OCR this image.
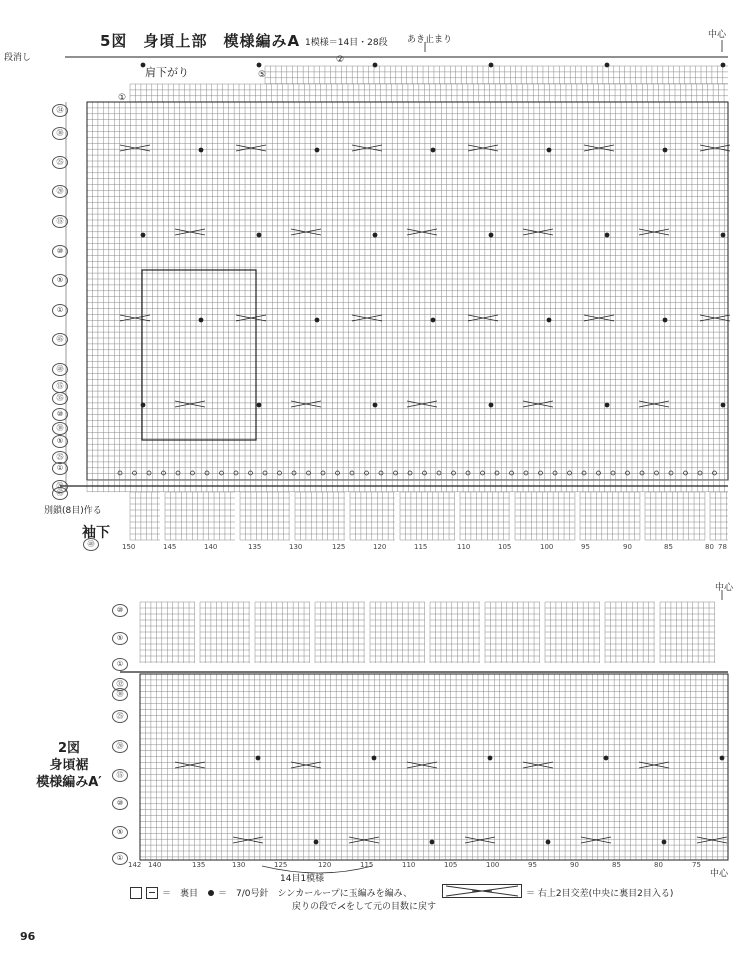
5図　身頃上部　模様編みA 1模様＝14目・28段 あき止まり	中心
段消し
肩下がり
別鎖(8目)作る
袖下
①
②
⑤
㉞
㉚
㉕
⑳
⑮
⑩
⑤
①
㊺
㊵
㉟
㉚
㉕
⑳
⑮
⑩
⑤
①
㊺
㊵	150	145	140	135	130	125	120	115	110	105	100	95	90	85	80 78
中心
2図
身頃裾
模様編みA′
⑩
⑤
①
㉜
㉚
㉕
⑳
⑮
⑩
⑤
①
142 140	135	130	125	120	115	110	105	100	95	90	85	80	75
14目1模様	中心
＝　裏目 ＝　7/0号針　シンカーループに玉編みを編み、
戻りの段で⋌をして元の目数に戻す
＝ 右上2目交差(中央に裏目2目入る)
96
